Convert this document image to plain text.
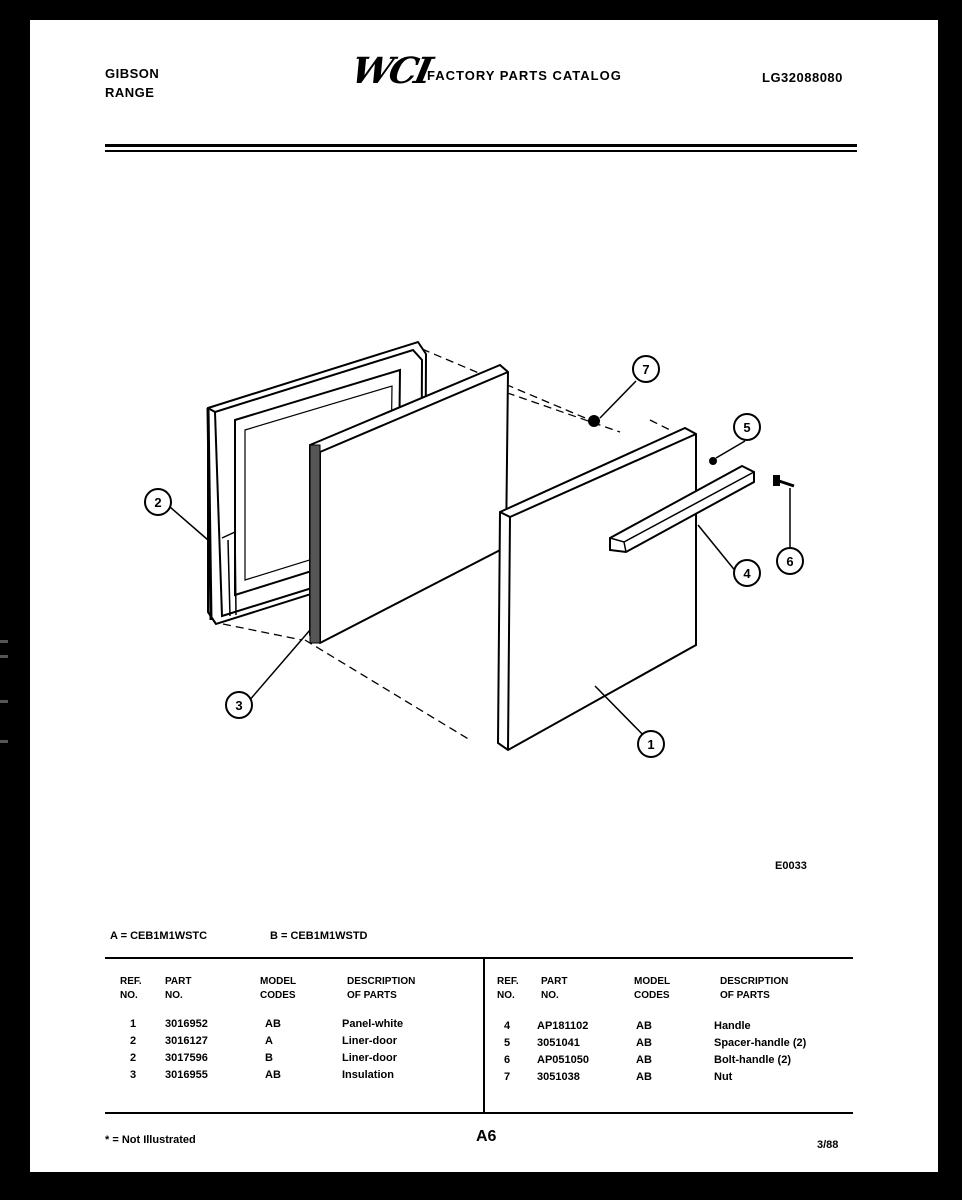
GIBSON
RANGE
WCI
FACTORY PARTS CATALOG	LG32088080
1
2
3
4
5
6
7
E0033
A = CEB1M1WSTC	B = CEB1M1WSTD
REF.
NO.
PART
NO.
MODEL
CODES
DESCRIPTION
OF PARTS
REF.
NO.
PART
NO.
MODEL
CODES
DESCRIPTION
OF PARTS
1	3016952	AB	Panel-white
2	3016127	A	Liner-door
2	3017596	B	Liner-door
3	3016955	AB	Insulation
4 AP181102	AB	Handle
5 3051041	AB	Spacer-handle (2)
6 AP051050	AB	Bolt-handle (2)
7 3051038	AB	Nut
* = Not Illustrated	A6	3/88
